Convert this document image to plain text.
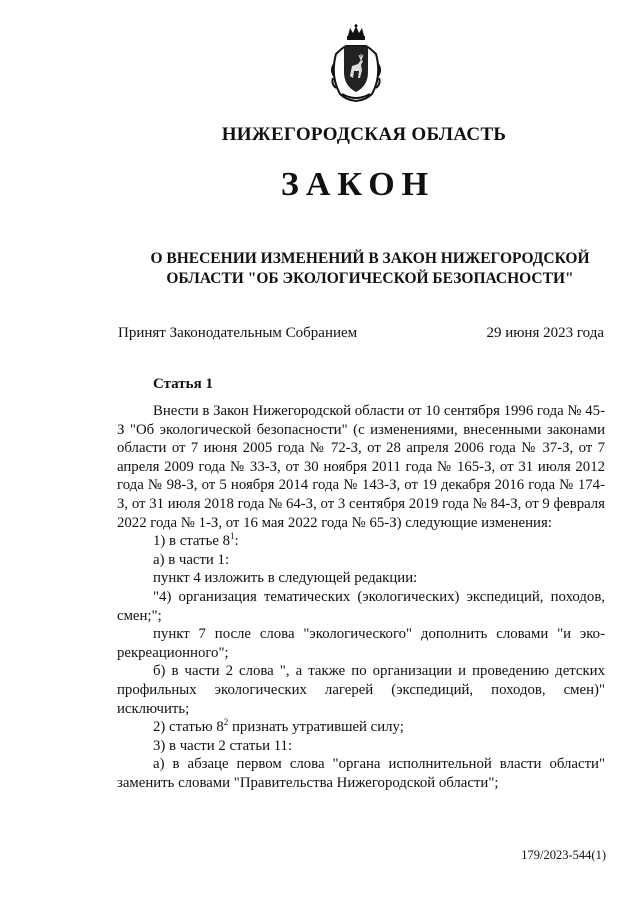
НИЖЕГОРОДСКАЯ ОБЛАСТЬ
ЗАКОН
О ВНЕСЕНИИ ИЗМЕНЕНИЙ В ЗАКОН НИЖЕГОРОДСКОЙ
ОБЛАСТИ "ОБ ЭКОЛОГИЧЕСКОЙ БЕЗОПАСНОСТИ"
Принят Законодательным Собранием	29 июня 2023 года
Статья 1

Внести в Закон Нижегородской области от 10 сентября 1996 года № 45-З "Об экологической безопасности" (с изменениями, внесенными законами области от 7 июня 2005 года № 72-З, от 28 апреля 2006 года № 37-З, от 7 апреля 2009 года № 33-З, от 30 ноября 2011 года № 165-З, от 31 июля 2012 года № 98-З, от 5 ноября 2014 года № 143-З, от 19 декабря 2016 года № 174-З, от 31 июля 2018 года № 64-З, от 3 сентября 2019 года № 84-З, от 9 февраля 2022 года № 1-З, от 16 мая 2022 года № 65-З) следующие изменения:

1) в статье $8^1$:

а) в части 1:

пункт 4 изложить в следующей редакции:

"4) организация тематических (экологических) экспедиций, походов, смен;";

пункт 7 после слова "экологического" дополнить словами "и эко-рекреационного";

б) в части 2 слова ", а также по организации и проведению детских профильных экологических лагерей (экспедиций, походов, смен)" исключить;

2) статью $8^2$ признать утратившей силу;

3) в части 2 статьи 11:

а) в абзаце первом слова "органа исполнительной власти области" заменить словами "Правительства Нижегородской области";

179/2023-544(1)
